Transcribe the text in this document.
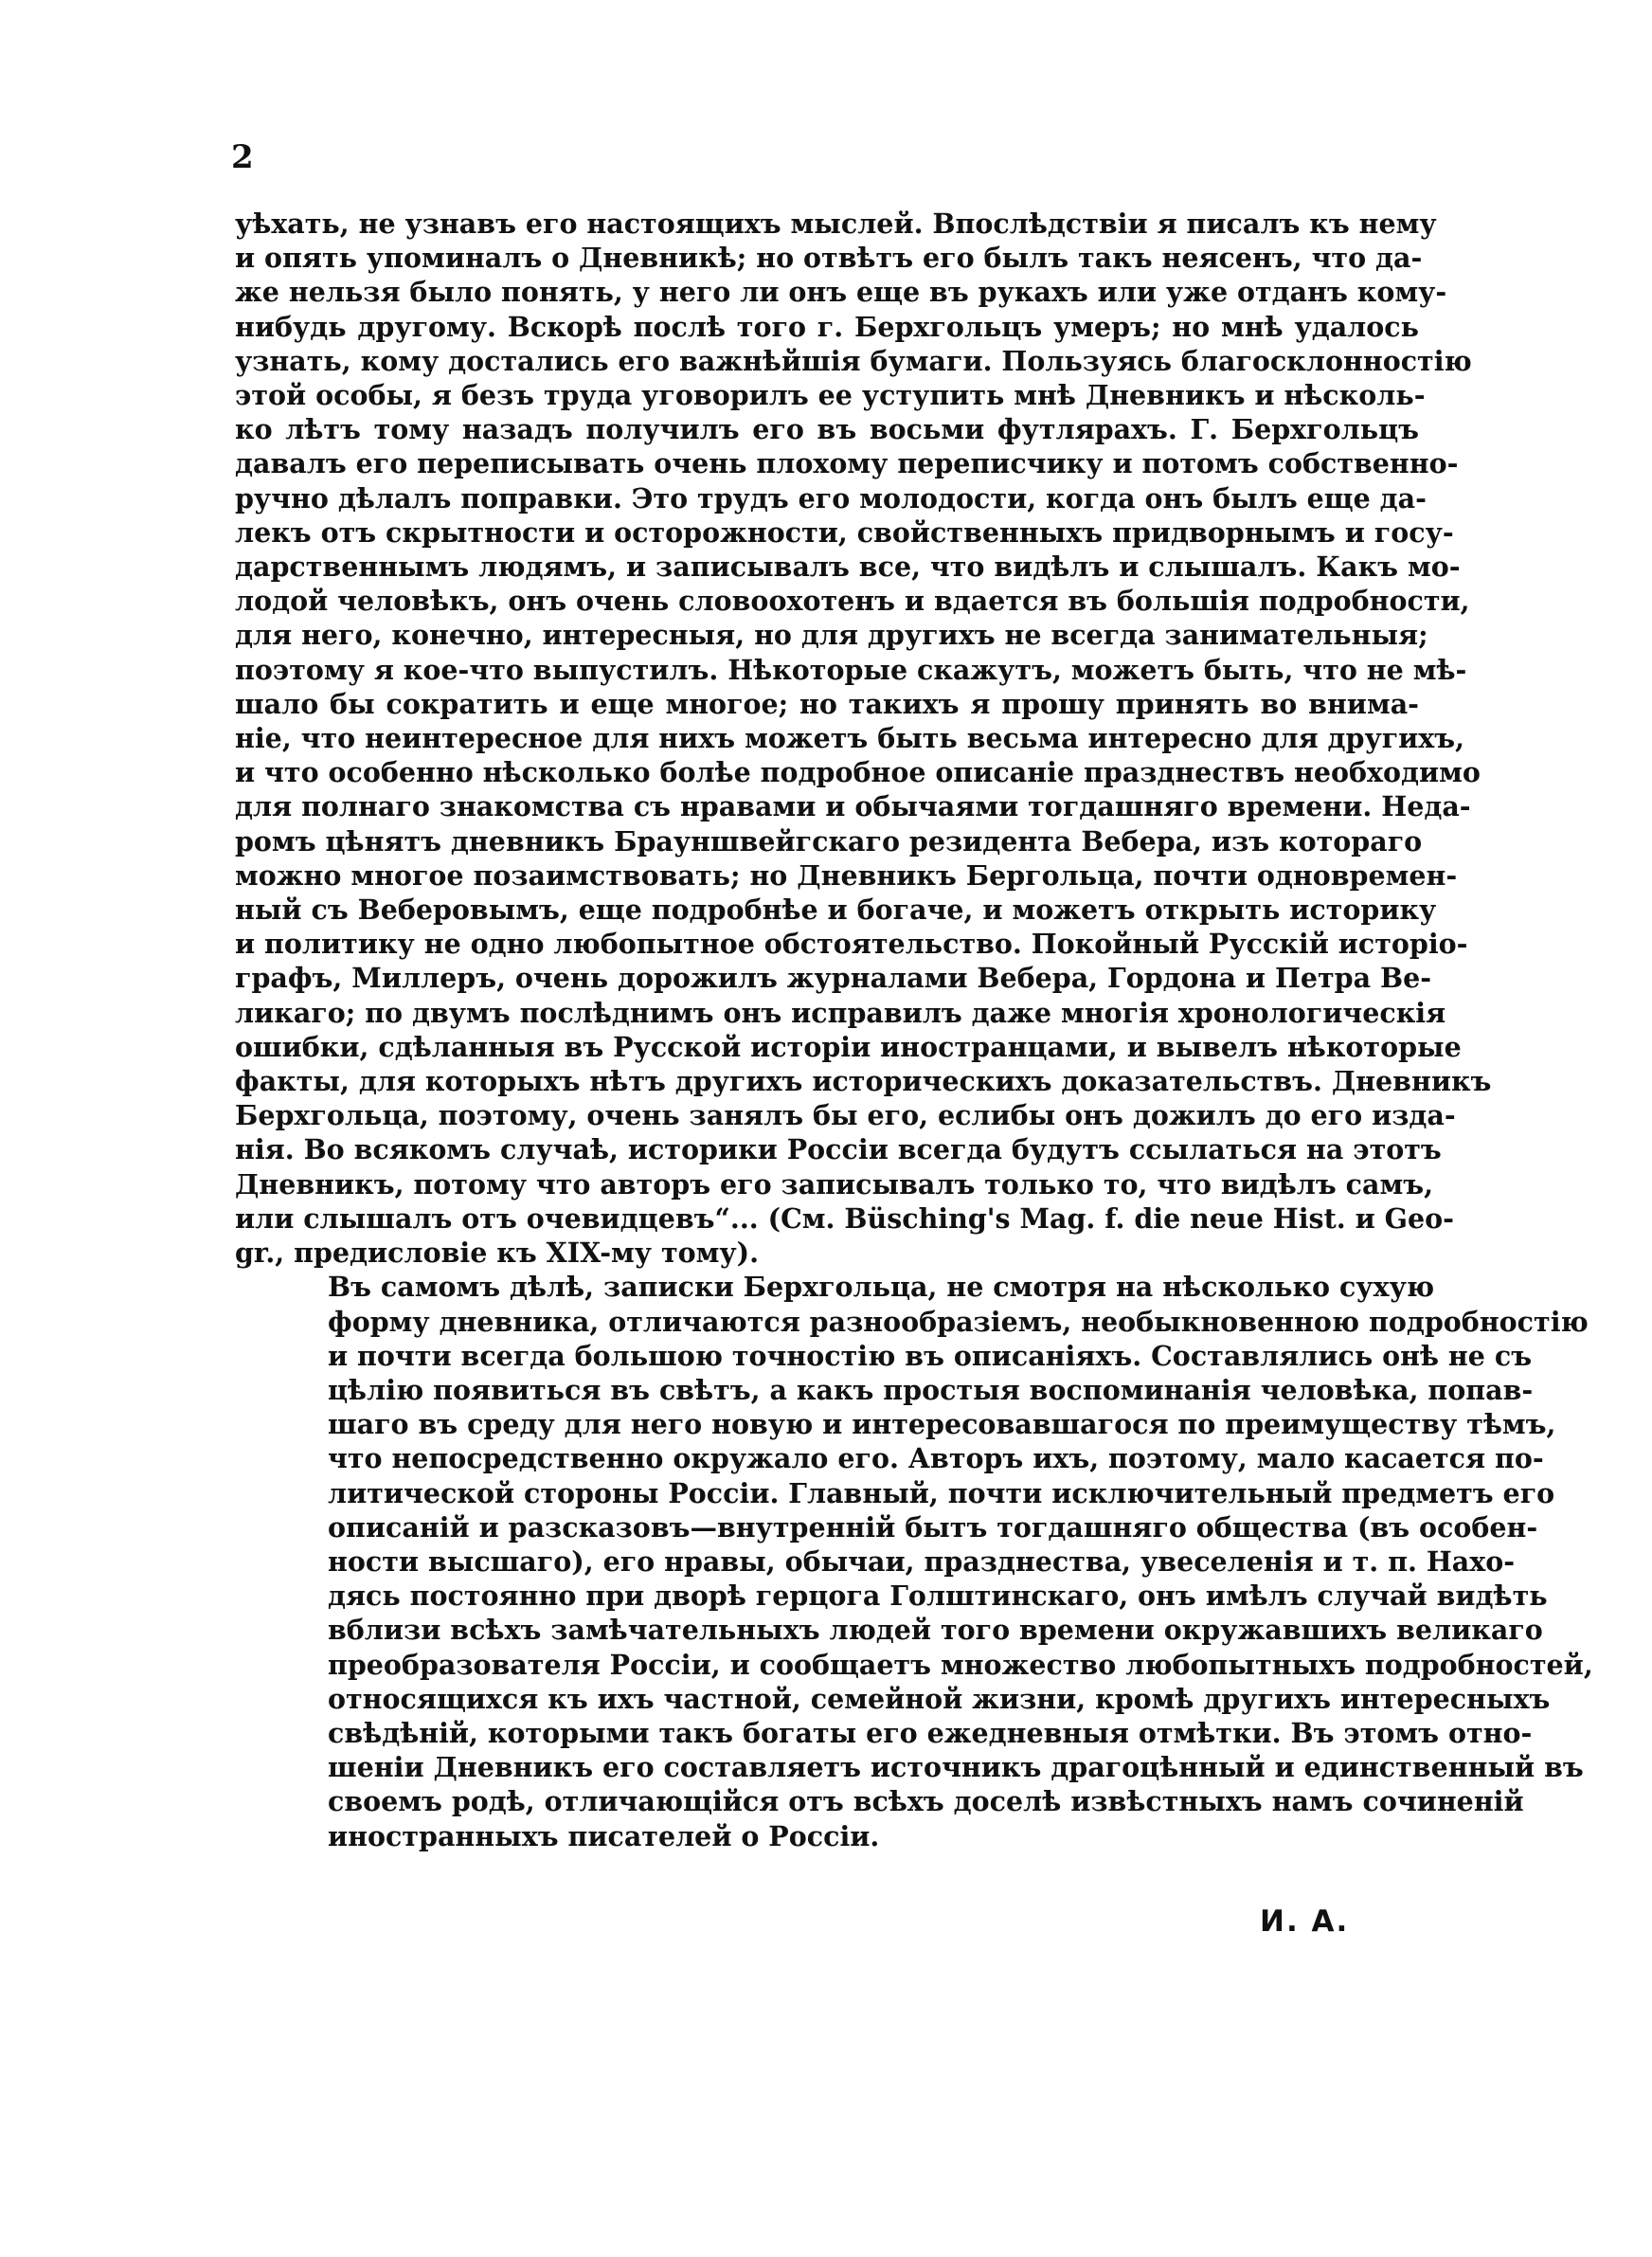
2

уѣхать, не узнавъ его настоящихъ мыслей. Впослѣдствіи я писалъ къ нему
и опять упоминалъ о Дневникѣ; но отвѣтъ его былъ такъ неясенъ, что да-
же нельзя было понять, у него ли онъ еще въ рукахъ или уже отданъ кому-
нибудь другому. Вскорѣ послѣ того г. Берхгольцъ умеръ; но мнѣ удалось
узнать, кому достались его важнѣйшія бумаги. Пользуясь благосклонностію
этой особы, я безъ труда уговорилъ ее уступить мнѣ Дневникъ и нѣсколь-
ко лѣтъ тому назадъ получилъ его въ восьми футлярахъ. Г. Берхгольцъ
давалъ его переписывать очень плохому переписчику и потомъ собственно-
ручно дѣлалъ поправки. Это трудъ его молодости, когда онъ былъ еще да-
лекъ отъ скрытности и осторожности, свойственныхъ придворнымъ и госу-
дарственнымъ людямъ, и записывалъ все, что видѣлъ и слышалъ. Какъ мо-
лодой человѣкъ, онъ очень словоохотенъ и вдается въ большія подробности,
для него, конечно, интересныя, но для другихъ не всегда занимательныя;
поэтому я кое-что выпустилъ. Нѣкоторые скажутъ, можетъ быть, что не мѣ-
шало бы сократить и еще многое; но такихъ я прошу принять во внима-
ніе, что неинтересное для нихъ можетъ быть весьма интересно для другихъ,
и что особенно нѣсколько болѣе подробное описаніе празднествъ необходимо
для полнаго знакомства съ нравами и обычаями тогдашняго времени. Неда-
ромъ цѣнятъ дневникъ Брауншвейгскаго резидента Вебера, изъ котораго
можно многое позаимствовать; но Дневникъ Бергольца, почти одновремен-
ный съ Веберовымъ, еще подробнѣе и богаче, и можетъ открыть историку
и политику не одно любопытное обстоятельство. Покойный Русскій исторіо-
графъ, Миллеръ, очень дорожилъ журналами Вебера, Гордона и Петра Ве-
ликаго; по двумъ послѣднимъ онъ исправилъ даже многія хронологическія
ошибки, сдѣланныя въ Русской исторіи иностранцами, и вывелъ нѣкоторые
факты, для которыхъ нѣтъ другихъ историческихъ доказательствъ. Дневникъ
Берхгольца, поэтому, очень занялъ бы его, еслибы онъ дожилъ до его изда-
нія. Во всякомъ случаѣ, историки Россіи всегда будутъ ссылаться на этотъ
Дневникъ, потому что авторъ его записывалъ только то, что видѣлъ самъ,
или слышалъ отъ очевидцевъ“... (См. Büsching's Mag. f. die neue Hist. и Geo-
gr., предисловіе къ XIX-му тому).

Въ самомъ дѣлѣ, записки Берхгольца, не смотря на нѣсколько сухую
форму дневника, отличаются разнообразіемъ, необыкновенною подробностію
и почти всегда большою точностію въ описаніяхъ. Составлялись онѣ не съ
цѣлію появиться въ свѣтъ, а какъ простыя воспоминанія человѣка, попав-
шаго въ среду для него новую и интересовавшагося по преимуществу тѣмъ,
что непосредственно окружало его. Авторъ ихъ, поэтому, мало касается по-
литической стороны Россіи. Главный, почти исключительный предметъ его
описаній и разсказовъ—внутренній бытъ тогдашняго общества (въ особен-
ности высшаго), его нравы, обычаи, празднества, увеселенія и т. п. Нахо-
дясь постоянно при дворѣ герцога Голштинскаго, онъ имѣлъ случай видѣть
вблизи всѣхъ замѣчательныхъ людей того времени окружавшихъ великаго
преобразователя Россіи, и сообщаетъ множество любопытныхъ подробностей,
относящихся къ ихъ частной, семейной жизни, кромѣ другихъ интересныхъ
свѣдѣній, которыми такъ богаты его ежедневныя отмѣтки. Въ этомъ отно-
шеніи Дневникъ его составляетъ источникъ драгоцѣнный и единственный въ
своемъ родѣ, отличающійся отъ всѣхъ доселѣ извѣстныхъ намъ сочиненій
иностранныхъ писателей о Россіи.

И. А.
